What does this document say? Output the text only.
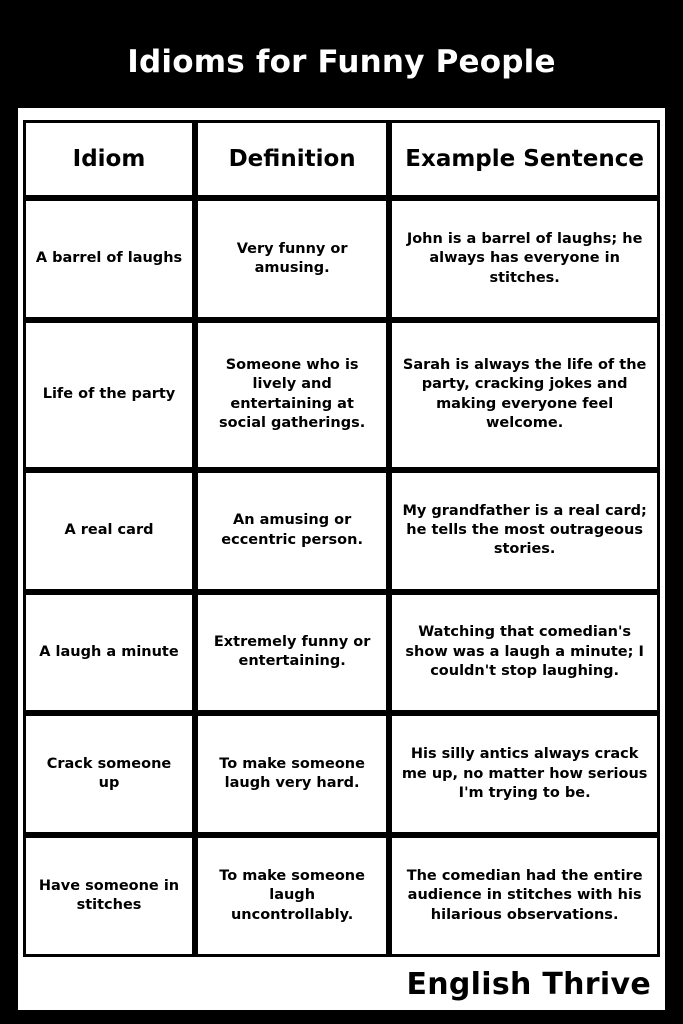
Idioms for Funny People
Idiom	Definition	Example Sentence
A barrel of laughs	Very funny or amusing.	John is a barrel of laughs; he always has everyone in stitches.
Life of the party	Someone who is lively and entertaining at social gatherings.	Sarah is always the life of the party, cracking jokes and making everyone feel welcome.
A real card	An amusing or eccentric person.	My grandfather is a real card; he tells the most outrageous stories.
A laugh a minute	Extremely funny or entertaining.	Watching that comedian's show was a laugh a minute; I couldn't stop laughing.
Crack someone up	To make someone laugh very hard.	His silly antics always crack me up, no matter how serious I'm trying to be.
Have someone in stitches	To make someone laugh uncontrollably.	The comedian had the entire audience in stitches with his hilarious observations.
English Thrive
